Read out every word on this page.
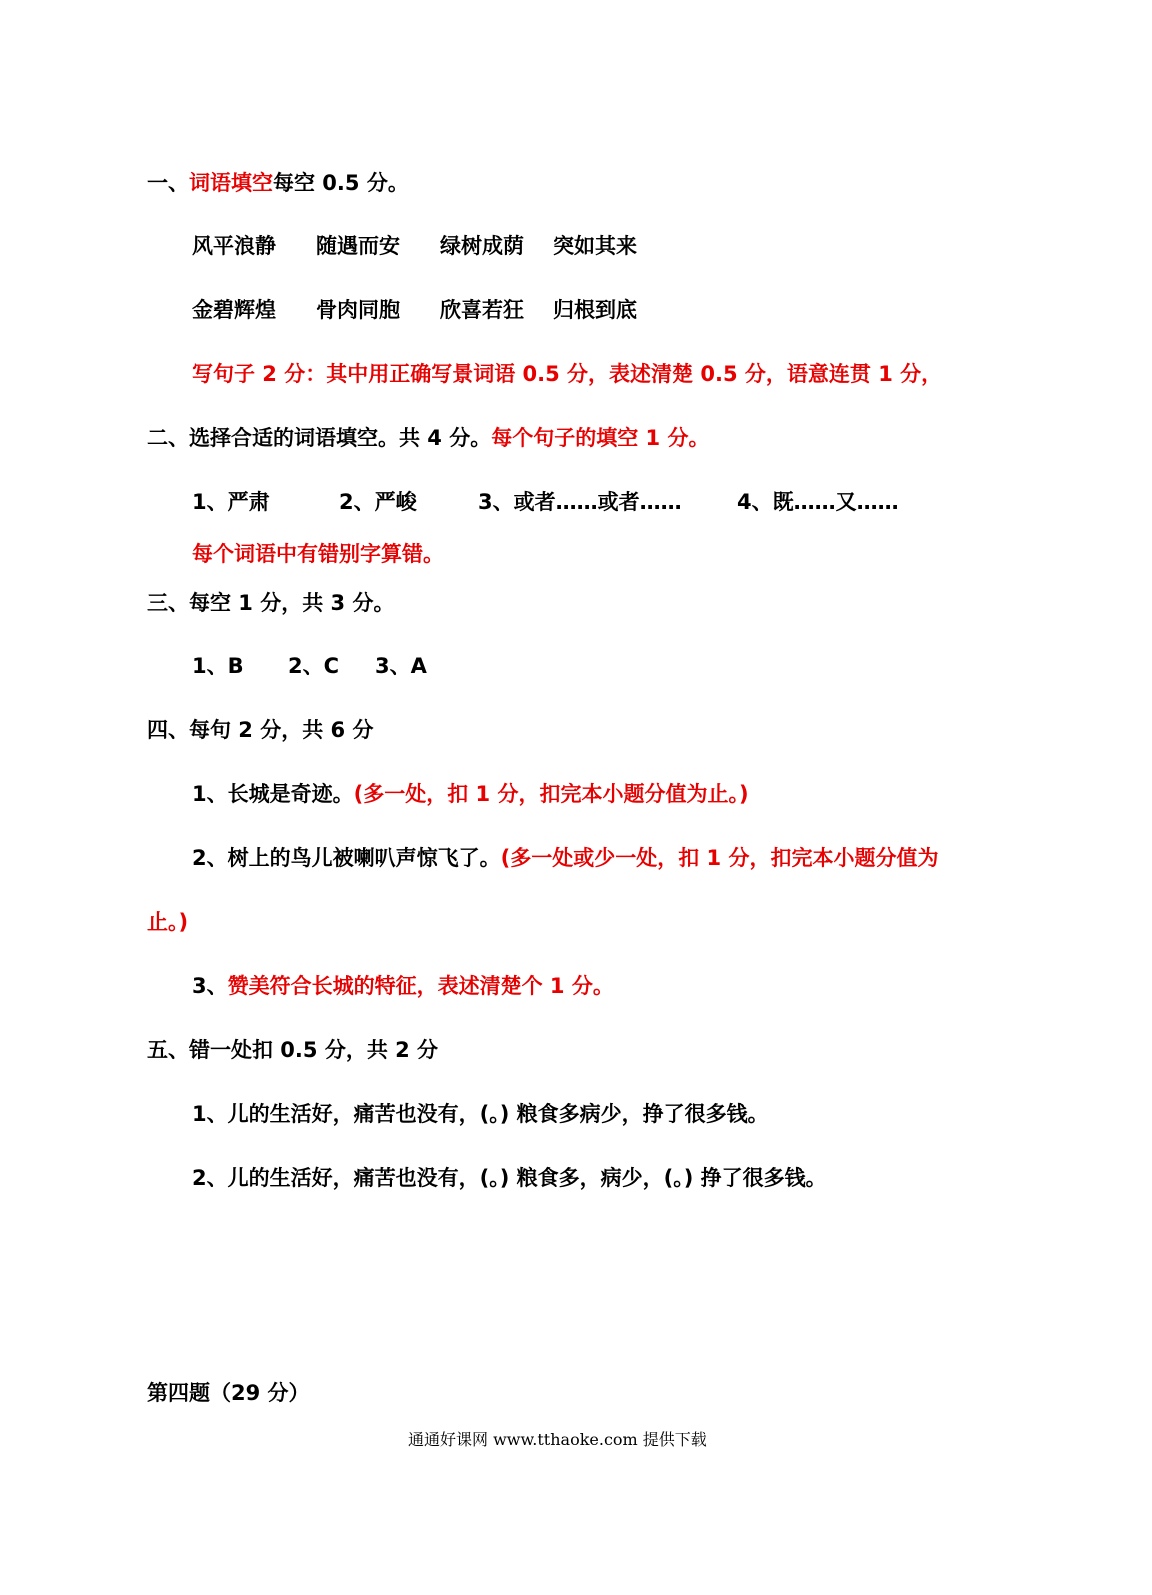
一、词语填空每空 0.5 分。
风平浪静 随遇而安 绿树成荫 突如其来
金碧辉煌 骨肉同胞 欣喜若狂 归根到底
写句子 2 分：其中用正确写景词语 0.5 分，表述清楚 0.5 分，语意连贯 1 分，
二、选择合适的词语填空。共 4 分。每个句子的填空 1 分。
1、严肃	2、严峻	3、或者……或者……	4、既……又……
每个词语中有错别字算错。
三、每空 1 分，共 3 分。
1、B 2、C 3、A
四、每句 2 分，共 6 分
1、长城是奇迹。(多一处，扣 1 分，扣完本小题分值为止。)
2、树上的鸟儿被喇叭声惊飞了。(多一处或少一处，扣 1 分，扣完本小题分值为
止。)
3、赞美符合长城的特征，表述清楚个 1 分。
五、错一处扣 0.5 分，共 2 分
1、儿的生活好，痛苦也没有，(。) 粮食多病少，挣了很多钱。
2、儿的生活好，痛苦也没有，(。) 粮食多，病少，(。) 挣了很多钱。
第四题（29 分）
通通好课网 www.tthaoke.com 提供下载
